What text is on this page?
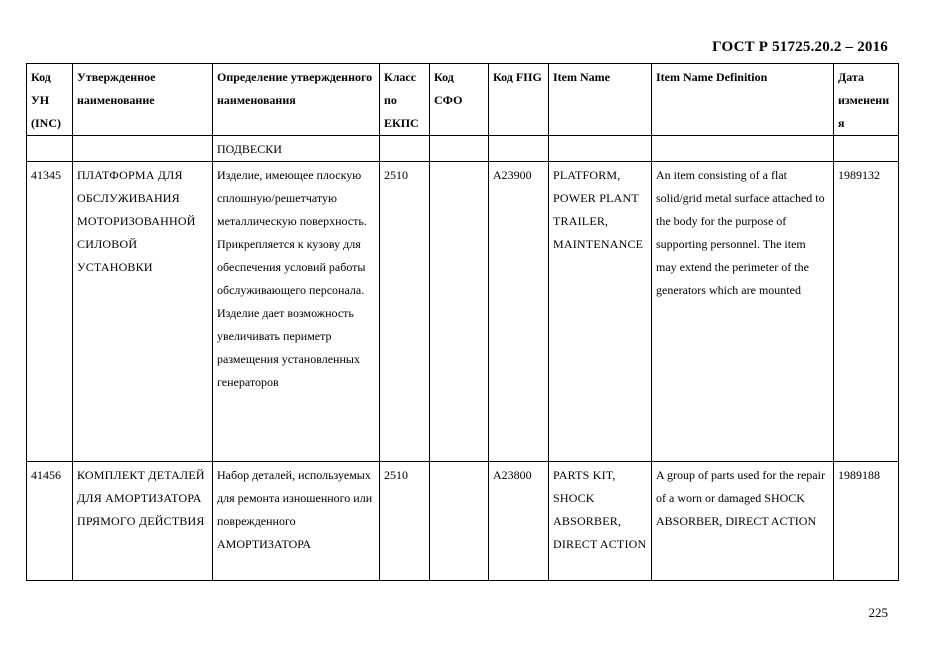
ГОСТ Р 51725.20.2 – 2016
Код УН (INC)	Утвержденное наименование	Определение утвержденного наименования	Класс по ЕКПС	Код СФО	Код FIIG	Item Name	Item Name Definition	Дата изменения
		ПОДВЕСКИ						
41345	ПЛАТФОРМА ДЛЯ ОБСЛУЖИВАНИЯ МОТОРИЗОВАННОЙ СИЛОВОЙ УСТАНОВКИ	Изделие, имеющее плоскую сплошную/решетчатую металлическую поверхность. Прикрепляется к кузову для обеспечения условий работы обслуживающего персонала. Изделие дает возможность увеличивать периметр размещения установленных генераторов	2510		A23900	PLATFORM, POWER PLANT TRAILER, MAINTENANCE	An item consisting of a flat solid/grid metal surface attached to the body for the purpose of supporting personnel. The item may extend the perimeter of the generators which are mounted	1989132
41456	КОМПЛЕКТ ДЕТАЛЕЙ ДЛЯ АМОРТИЗАТОРА ПРЯМОГО ДЕЙСТВИЯ	Набор деталей, используемых для ремонта изношенного или поврежденного АМОРТИЗАТОРА	2510		A23800	PARTS KIT, SHOCK ABSORBER, DIRECT ACTION	A group of parts used for the repair of a worn or damaged SHOCK ABSORBER, DIRECT ACTION	1989188
225
